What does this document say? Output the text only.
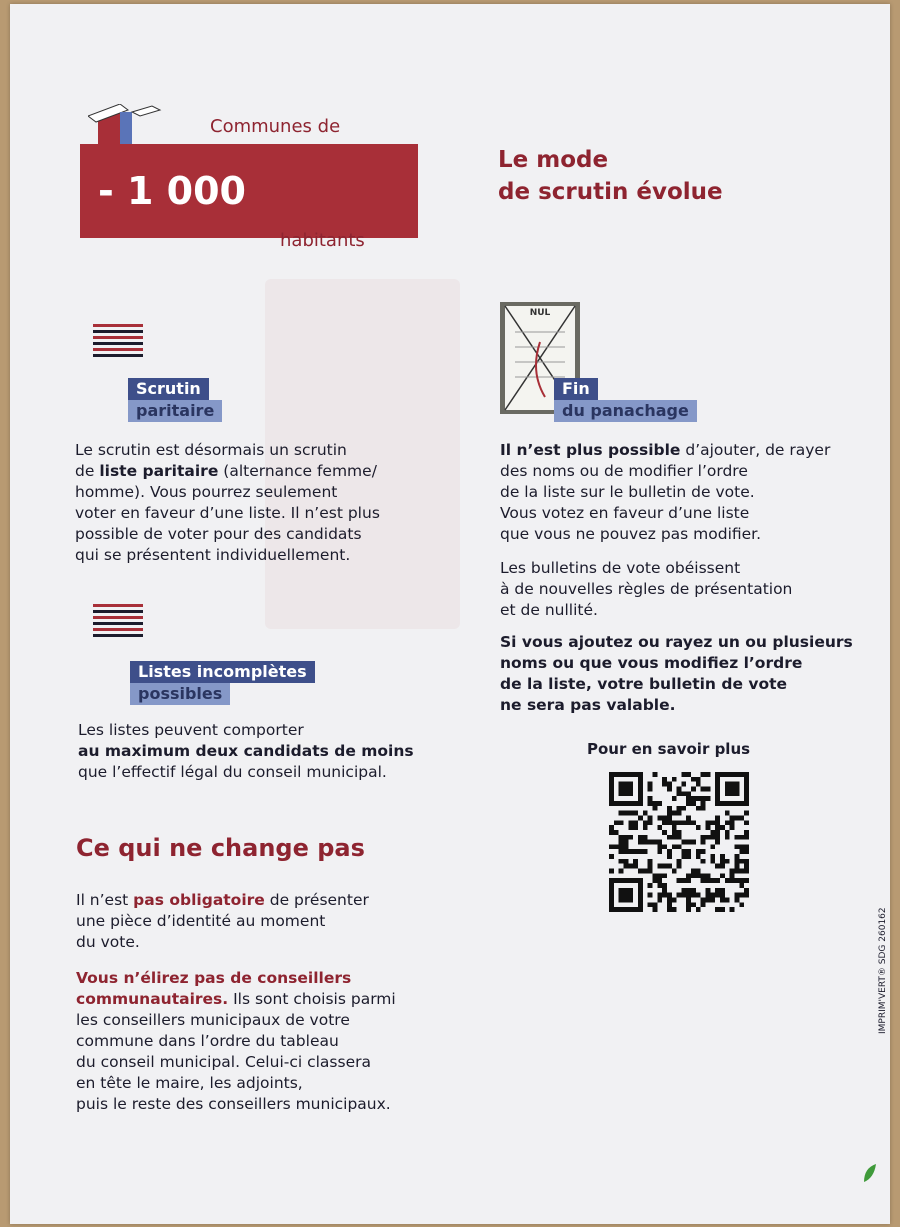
Communes de
- 1 000
habitants
Le mode
de scrutin évolue
Scrutin
paritaire
Le scrutin est désormais un scrutin
de liste paritaire (alternance femme/
homme). Vous pourrez seulement
voter en faveur d’une liste. Il n’est plus
possible de voter pour des candidats
qui se présentent individuellement.
Listes incomplètes
possibles
Les listes peuvent comporter
au maximum deux candidats de moins
que l’effectif légal du conseil municipal.
NUL
Fin
du panachage
Il n’est plus possible d’ajouter, de rayer
des noms ou de modifier l’ordre
de la liste sur le bulletin de vote.
Vous votez en faveur d’une liste
que vous ne pouvez pas modifier.
Les bulletins de vote obéissent
à de nouvelles règles de présentation
et de nullité.
Si vous ajoutez ou rayez un ou plusieurs
noms ou que vous modifiez l’ordre
de la liste, votre bulletin de vote
ne sera pas valable.
Pour en savoir plus
Ce qui ne change pas
Il n’est pas obligatoire de présenter
une pièce d’identité au moment
du vote.
Vous n’élirez pas de conseillers
communautaires. Ils sont choisis parmi
les conseillers municipaux de votre
commune dans l’ordre du tableau
du conseil municipal. Celui-ci classera
en tête le maire, les adjoints,
puis le reste des conseillers municipaux.
IMPRIM'VERT® SDG 260162
